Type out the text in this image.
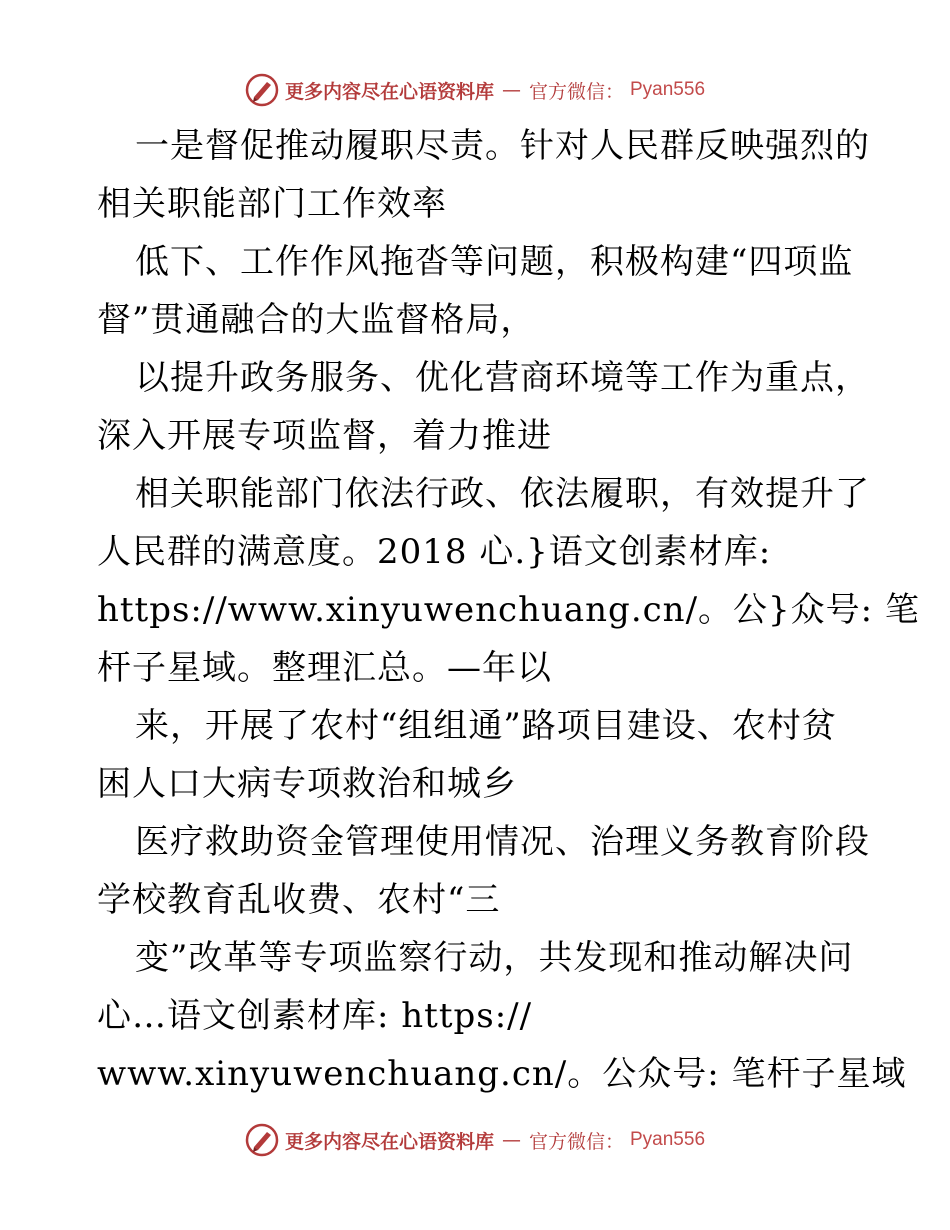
更多内容尽在心语资料库 — 官方微信： Pyan556
一是督促推动履职尽责。针对人民群反映强烈的
相关职能部门工作效率
低下、工作作风拖沓等问题，积极构建“四项监
督”贯通融合的大监督格局，
以提升政务服务、优化营商环境等工作为重点，
深入开展专项监督，着力推进
相关职能部门依法行政、依法履职，有效提升了
人民群的满意度。2018 心.}语文创素材库:
https://www.xinyuwenchuang.cn/。公}众号: 笔
杆子星域。整理汇总。—年以
来，开展了农村“组组通”路项目建设、农村贫
困人口大病专项救治和城乡
医疗救助资金管理使用情况、治理义务教育阶段
学校教育乱收费、农村“三
变”改革等专项监察行动，共发现和推动解决问
心…语文创素材库: https://
www.xinyuwenchuang.cn/。公众号: 笔杆子星域
更多内容尽在心语资料库 — 官方微信： Pyan556
